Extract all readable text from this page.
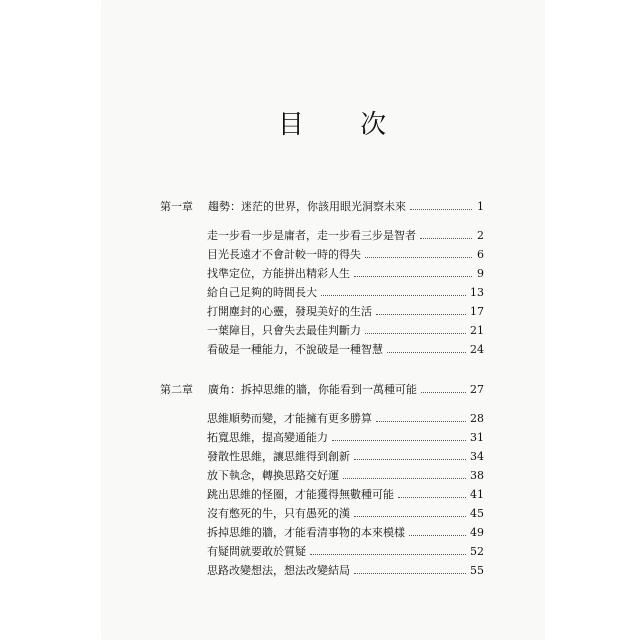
目 次
第一章	趨勢：迷茫的世界，你該用眼光洞察未來	1
走一步看一步是庸者，走一步看三步是智者	2
目光長遠才不會計較一時的得失	6
找準定位，方能拼出精彩人生	9
給自己足夠的時間長大	13
打開塵封的心靈，發現美好的生活	17
一葉障目，只會失去最佳判斷力	21
看破是一種能力，不說破是一種智慧	24
第二章	廣角：拆掉思維的牆，你能看到一萬種可能	27
思維順勢而變，才能擁有更多勝算	28
拓寬思維，提高變通能力	31
發散性思維，讓思維得到創新	34
放下執念，轉換思路交好運	38
跳出思維的怪圈，才能獲得無數種可能	41
沒有憋死的牛，只有愚死的漢	45
拆掉思維的牆，才能看清事物的本來模樣	49
有疑問就要敢於質疑	52
思路改變想法，想法改變結局	55
